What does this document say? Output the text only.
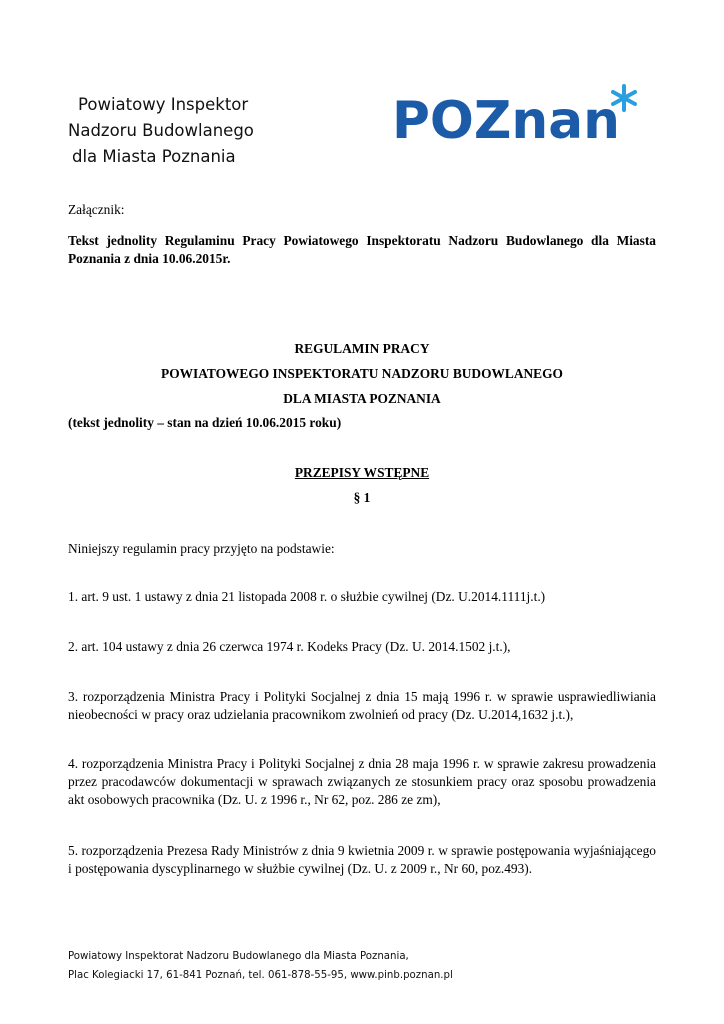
Powiatowy Inspektor
Nadzoru Budowlanego
dla Miasta Poznania
POZnan
Załącznik:
Tekst jednolity Regulaminu Pracy Powiatowego Inspektoratu Nadzoru Budowlanego dla Miasta Poznania z dnia 10.06.2015r.
REGULAMIN PRACY
POWIATOWEGO INSPEKTORATU NADZORU BUDOWLANEGO
DLA MIASTA POZNANIA
(tekst jednolity – stan na dzień 10.06.2015 roku)
PRZEPISY WSTĘPNE
§ 1
Niniejszy regulamin pracy przyjęto na podstawie:
1. art. 9 ust. 1 ustawy z dnia 21 listopada 2008 r. o służbie cywilnej (Dz. U.2014.1111j.t.)
2. art. 104 ustawy z dnia 26 czerwca 1974 r. Kodeks Pracy (Dz. U. 2014.1502 j.t.),
3. rozporządzenia Ministra Pracy i Polityki Socjalnej z dnia 15 mają 1996 r. w sprawie usprawiedliwiania nieobecności w pracy oraz udzielania pracownikom zwolnień od pracy (Dz. U.2014,1632 j.t.),
4. rozporządzenia Ministra Pracy i Polityki Socjalnej z dnia 28 maja 1996 r. w sprawie zakresu prowadzenia przez pracodawców dokumentacji w sprawach związanych ze stosunkiem pracy oraz sposobu prowadzenia akt osobowych pracownika (Dz. U. z 1996 r., Nr 62, poz. 286 ze zm),
5. rozporządzenia Prezesa Rady Ministrów z dnia 9 kwietnia 2009 r. w sprawie postępowania wyjaśniającego i postępowania dyscyplinarnego w służbie cywilnej (Dz. U. z 2009 r., Nr 60, poz.493).
Powiatowy Inspektorat Nadzoru Budowlanego dla Miasta Poznania,
Plac Kolegiacki 17, 61-841 Poznań, tel. 061-878-55-95, www.pinb.poznan.pl
